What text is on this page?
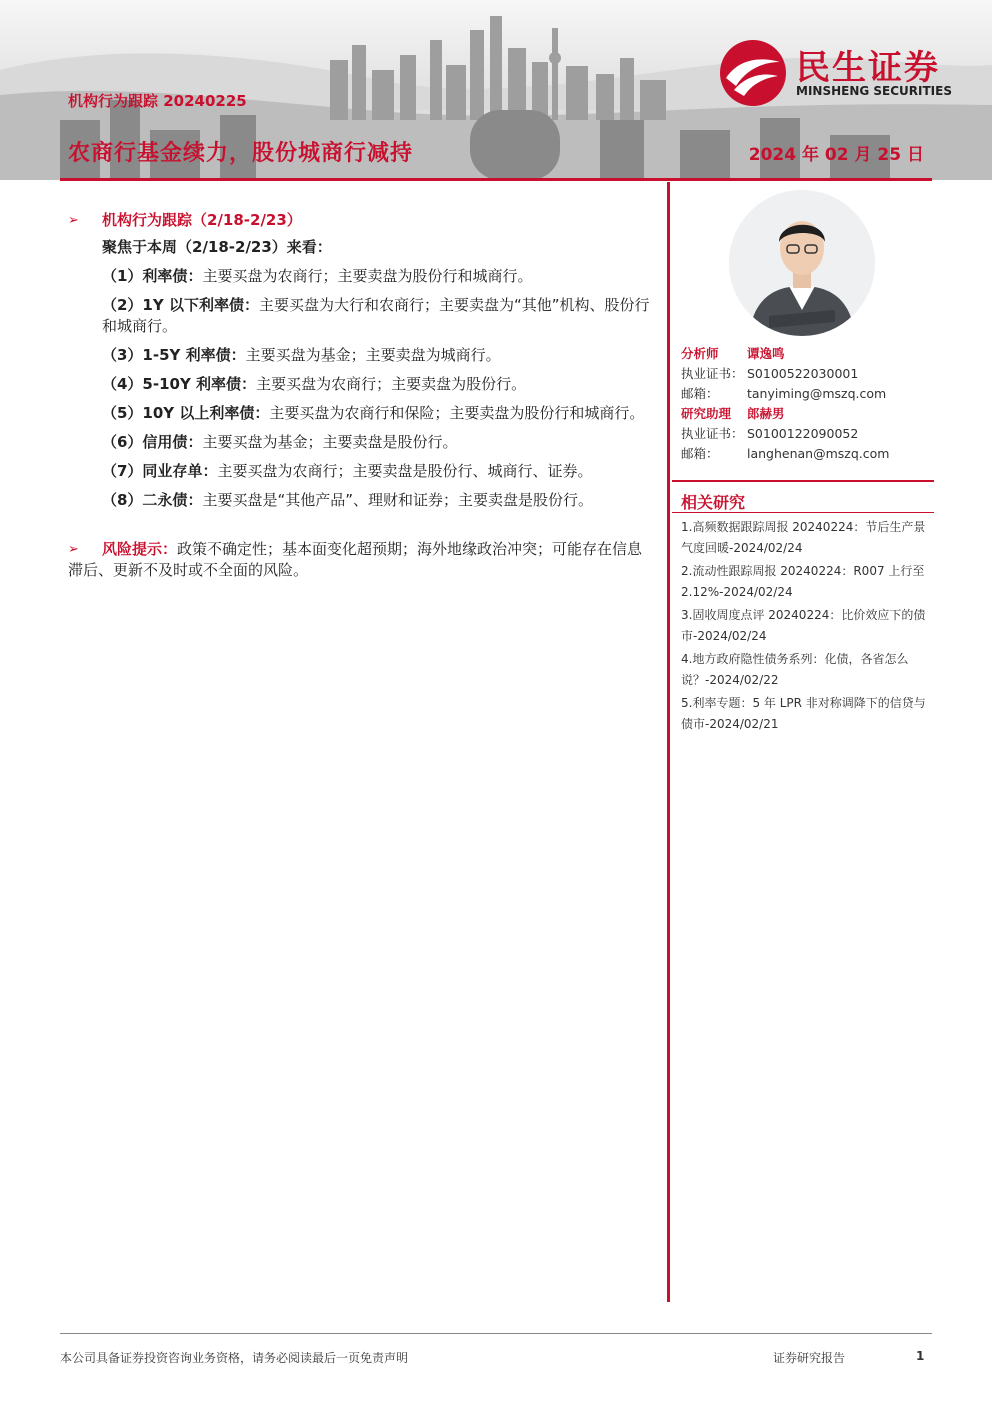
机构行为跟踪 20240225
农商行基金续力，股份城商行减持	2024 年 02 月 25 日
民生证券
MINSHENG SECURITIES
➢ 机构行为跟踪（2/18-2/23）
聚焦于本周（2/18-2/23）来看：
（1）利率债：主要买盘为农商行；主要卖盘为股份行和城商行。
（2）1Y 以下利率债：主要买盘为大行和农商行；主要卖盘为“其他”机构、股份行和城商行。
（3）1-5Y 利率债：主要买盘为基金；主要卖盘为城商行。
（4）5-10Y 利率债：主要买盘为农商行；主要卖盘为股份行。
（5）10Y 以上利率债：主要买盘为农商行和保险；主要卖盘为股份行和城商行。
（6）信用债：主要买盘为基金；主要卖盘是股份行。
（7）同业存单：主要买盘为农商行；主要卖盘是股份行、城商行、证券。
（8）二永债：主要买盘是“其他产品”、理财和证券；主要卖盘是股份行。
➢ 风险提示：政策不确定性；基本面变化超预期；海外地缘政治冲突；可能存在信息滞后、更新不及时或不全面的风险。
分析师 谭逸鸣
执业证书： S0100522030001
邮箱： tanyiming@mszq.com
研究助理 郎赫男
执业证书： S0100122090052
邮箱： langhenan@mszq.com
相关研究
1.高频数据跟踪周报 20240224：节后生产景气度回暖-2024/02/24
2.流动性跟踪周报 20240224：R007 上行至 2.12%-2024/02/24
3.固收周度点评 20240224：比价效应下的债市-2024/02/24
4.地方政府隐性债务系列：化债，各省怎么说？-2024/02/22
5.利率专题：5 年 LPR 非对称调降下的信贷与债市-2024/02/21
本公司具备证券投资咨询业务资格，请务必阅读最后一页免责声明	证券研究报告	1
